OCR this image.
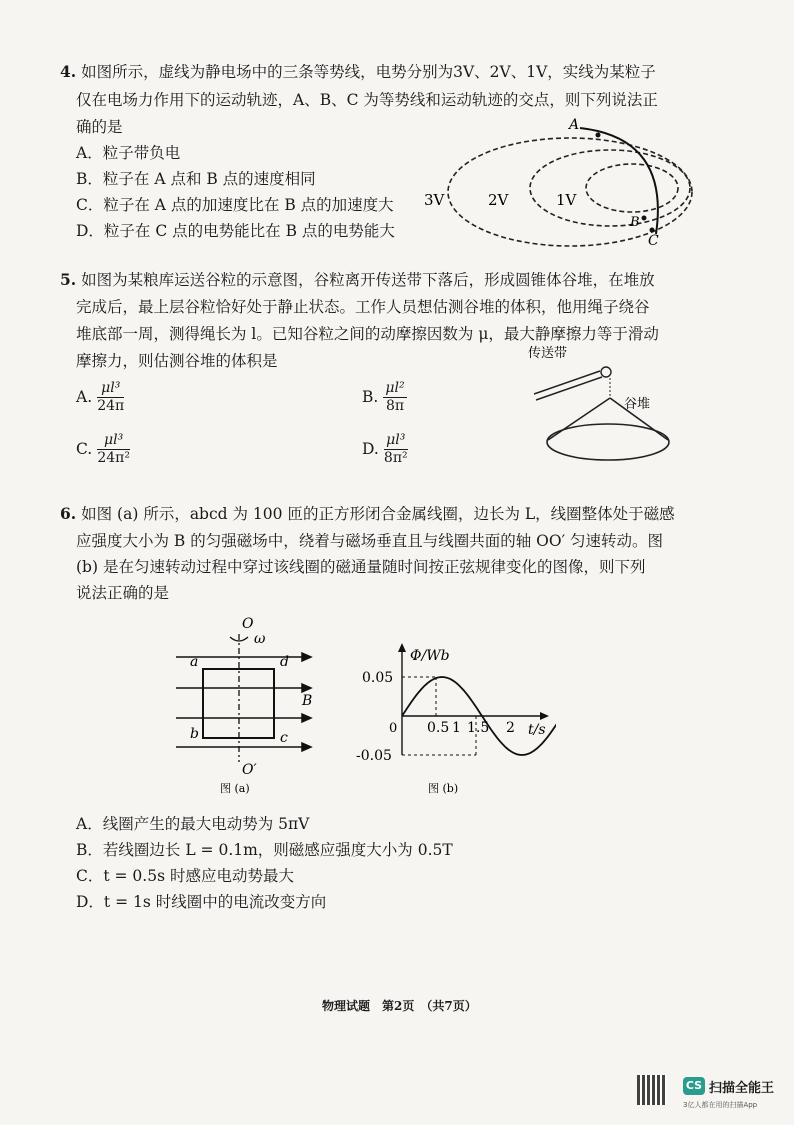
4. 如图所示，虚线为静电场中的三条等势线，电势分别为3V、2V、1V，实线为某粒子
仅在电场力作用下的运动轨迹，A、B、C 为等势线和运动轨迹的交点，则下列说法正
确的是
A．粒子带负电
B．粒子在 A 点和 B 点的速度相同
C．粒子在 A 点的加速度比在 B 点的加速度大
D．粒子在 C 点的电势能比在 B 点的电势能大
3V	2V	1V
A
B
C
5. 如图为某粮库运送谷粒的示意图，谷粒离开传送带下落后，形成圆锥体谷堆，在堆放
完成后，最上层谷粒恰好处于静止状态。工作人员想估测谷堆的体积，他用绳子绕谷
堆底部一周，测得绳长为 l。已知谷粒之间的动摩擦因数为 μ，最大静摩擦力等于滑动
摩擦力，则估测谷堆的体积是
A. $\frac{\text{μl³}}{24\pi}$	B. $\frac{\text{μl²}}{8\pi}$
C. $\frac{\text{μl³}}{\text{24π²}}$	D. $\frac{\text{μl³}}{\text{8π²}}$
传送带
谷堆
6. 如图 (a) 所示，abcd 为 100 匝的正方形闭合金属线圈，边长为 L，线圈整体处于磁感
应强度大小为 B 的匀强磁场中，绕着与磁场垂直且与线圈共面的轴 OO′ 匀速转动。图
(b) 是在匀速转动过程中穿过该线圈的磁通量随时间按正弦规律变化的图像，则下列
说法正确的是
O
ω
a	d
b	c
B
O′
图 (a)
Φ/Wb
t/s
0.05
-0.05
0 0.5 1 1.5 2
图 (b)
A．线圈产生的最大电动势为 5πV
B．若线圈边长 L = 0.1m，则磁感应强度大小为 0.5T
C．t = 0.5s 时感应电动势最大
D．t = 1s 时线圈中的电流改变方向
物理试题　第2页　（共7页）
CS 扫描全能王
3亿人都在用的扫描App
